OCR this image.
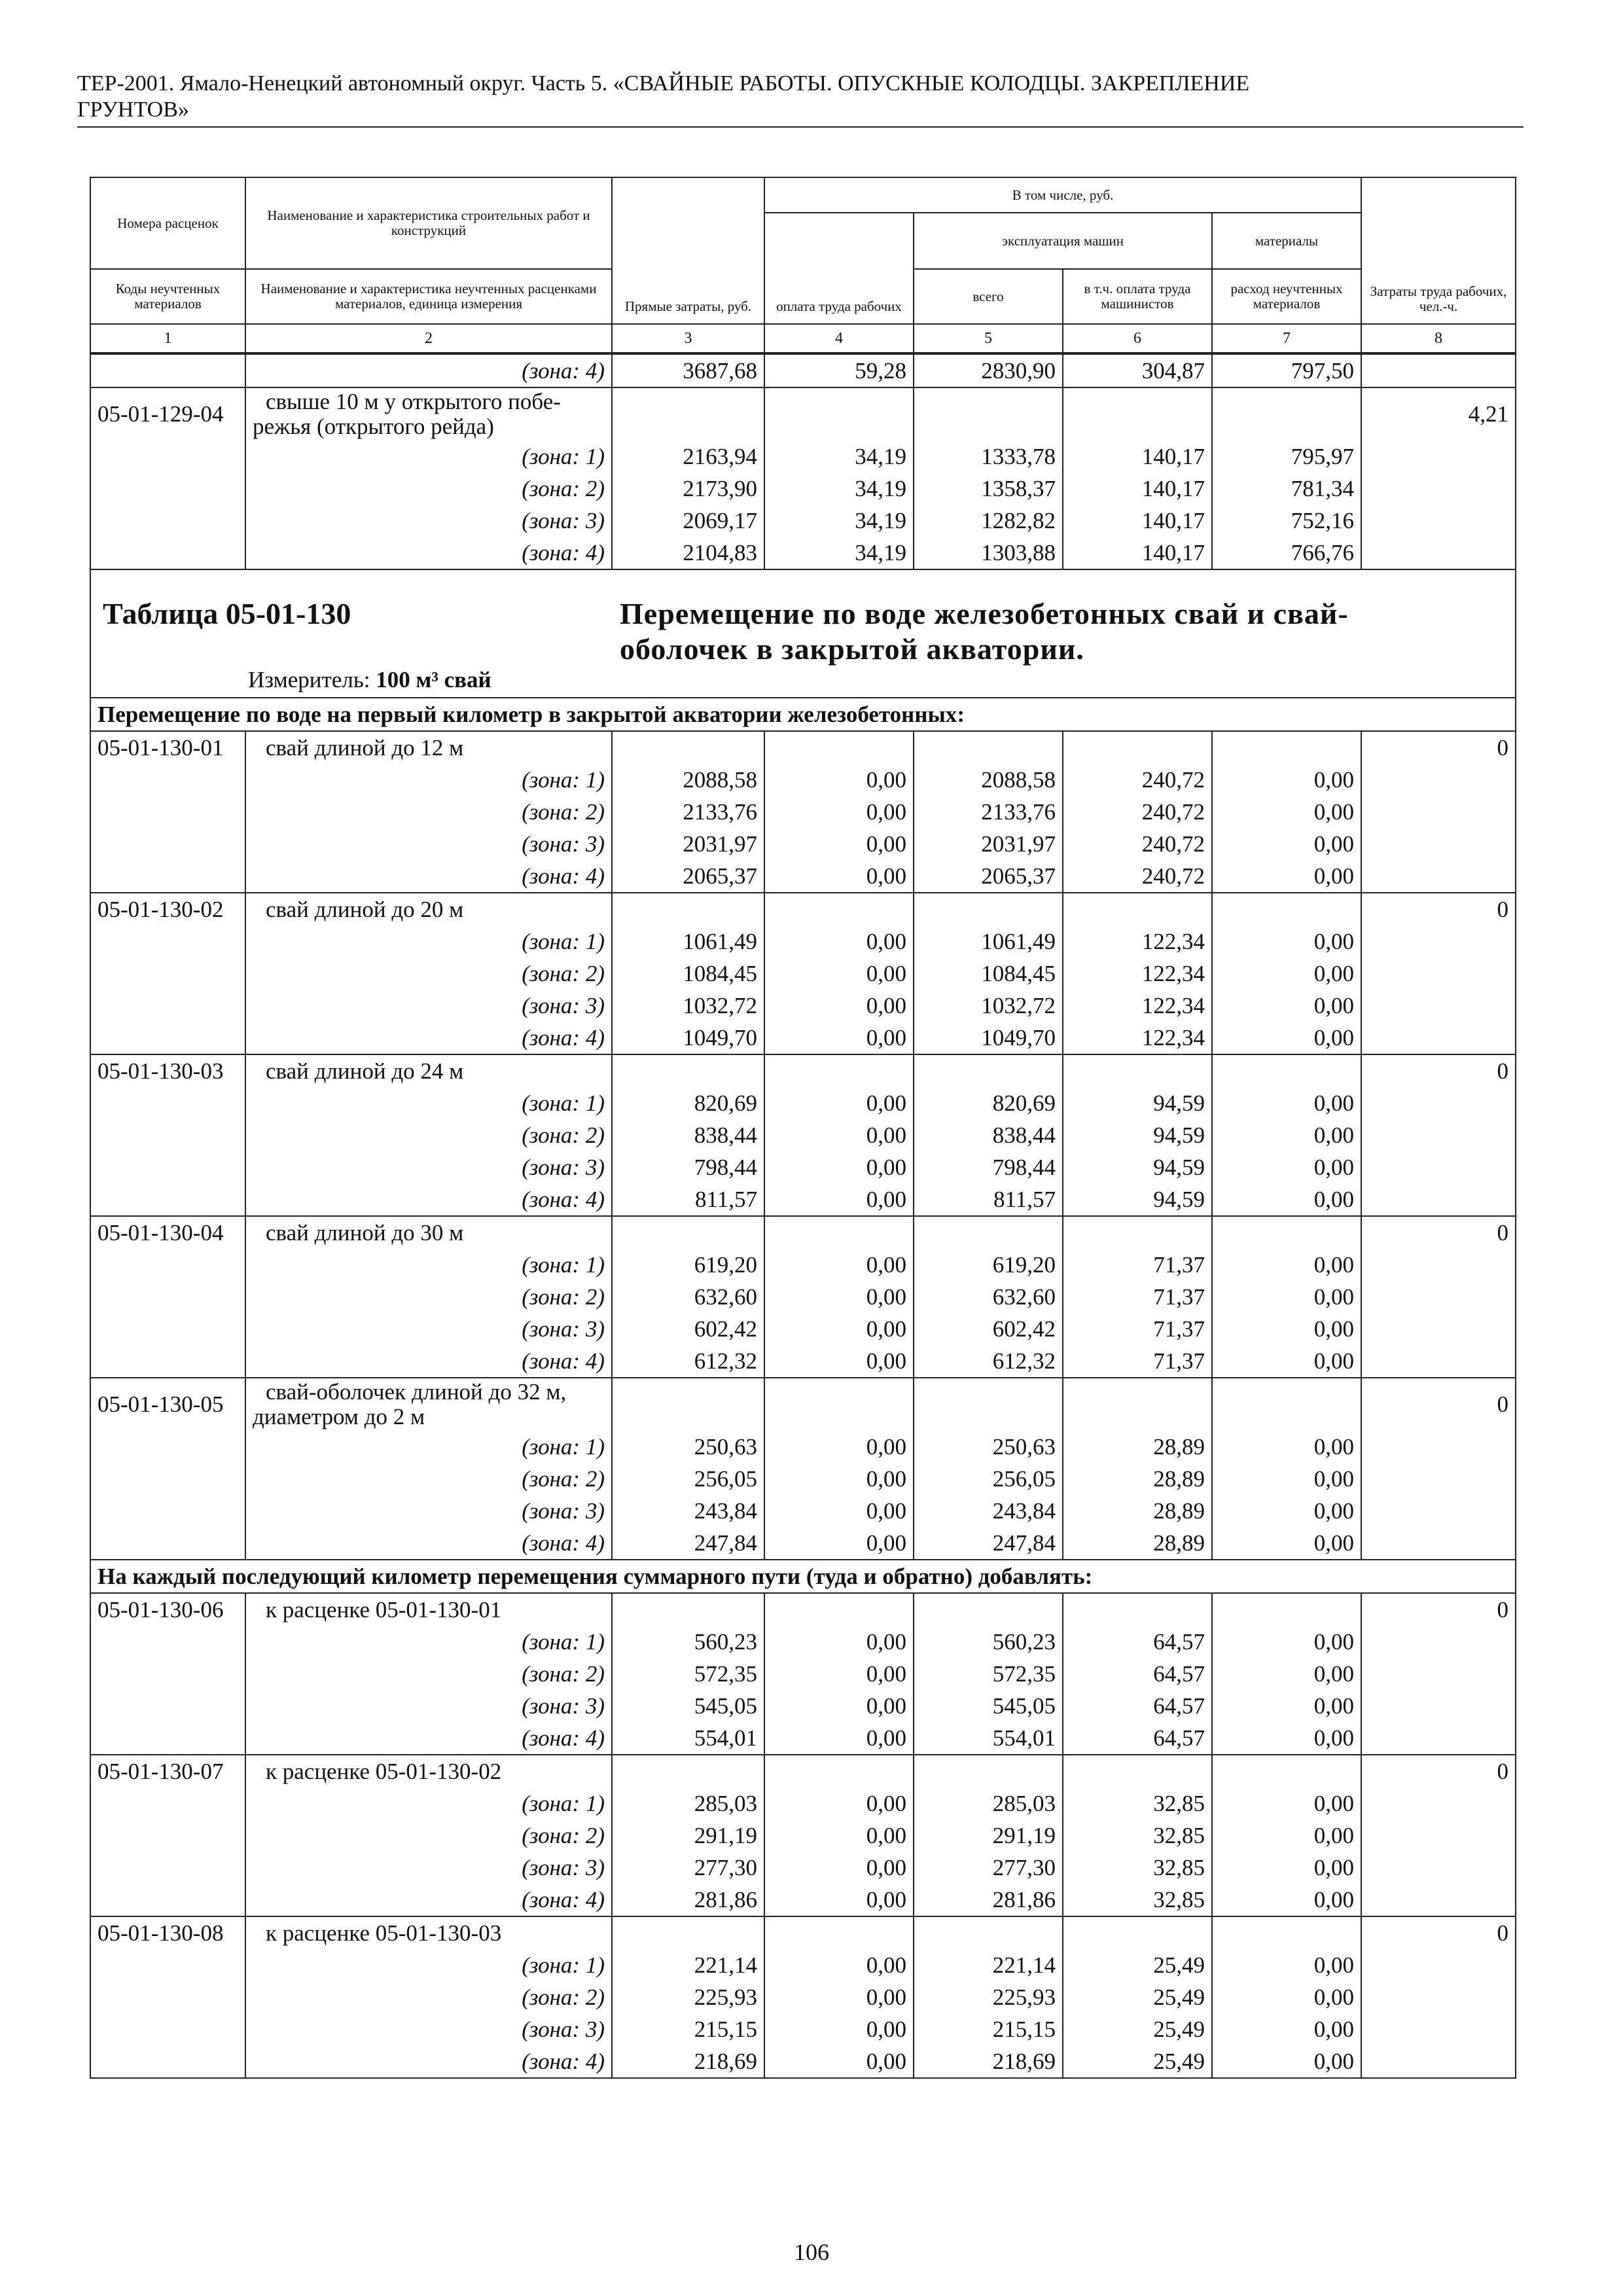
ТЕР-2001. Ямало-Ненецкий автономный округ. Часть 5. «СВАЙНЫЕ РАБОТЫ. ОПУСКНЫЕ КОЛОДЦЫ. ЗАКРЕПЛЕНИЕ
ГРУНТОВ»
Номера расценок	Наименование и характеристика строительных работ и конструкций	Прямые затраты, руб.	В том числе, руб.				Затраты труда рабочих, чел.-ч.
			оплата труда рабочих	эксплуатация машин		материалы	
Коды неучтенных материалов	Наименование и характеристика неучтенных расценками материалов, единица измерения			всего	в т.ч. оплата труда машинистов	расход неучтенных материалов	

1	2	3	4	5	6	7	8
	(зона: 4)	3687,68	59,28	2830,90	304,87	797,50	
05-01-129-04	свыше 10 м у открытого побе-
режья (открытого рейда)						4,21
	(зона: 1)	2163,94	34,19	1333,78	140,17	795,97	
	(зона: 2)	2173,90	34,19	1358,37	140,17	781,34	
	(зона: 3)	2069,17	34,19	1282,82	140,17	752,16	
	(зона: 4)	2104,83	34,19	1303,88	140,17	766,76	

Таблица 05-01-130 Перемещение по воде железобетонных свай и свай-оболочек в закрытой акватории.
Измеритель: 100 м³ свай							

Перемещение по воде на первый километр в закрытой акватории железобетонных:							
05-01-130-01	свай длиной до 12 м						0
	(зона: 1)	2088,58	0,00	2088,58	240,72	0,00	
	(зона: 2)	2133,76	0,00	2133,76	240,72	0,00	
	(зона: 3)	2031,97	0,00	2031,97	240,72	0,00	
	(зона: 4)	2065,37	0,00	2065,37	240,72	0,00	
05-01-130-02	свай длиной до 20 м						0
	(зона: 1)	1061,49	0,00	1061,49	122,34	0,00	
	(зона: 2)	1084,45	0,00	1084,45	122,34	0,00	
	(зона: 3)	1032,72	0,00	1032,72	122,34	0,00	
	(зона: 4)	1049,70	0,00	1049,70	122,34	0,00	
05-01-130-03	свай длиной до 24 м						0
	(зона: 1)	820,69	0,00	820,69	94,59	0,00	
	(зона: 2)	838,44	0,00	838,44	94,59	0,00	
	(зона: 3)	798,44	0,00	798,44	94,59	0,00	
	(зона: 4)	811,57	0,00	811,57	94,59	0,00	
05-01-130-04	свай длиной до 30 м						0
	(зона: 1)	619,20	0,00	619,20	71,37	0,00	
	(зона: 2)	632,60	0,00	632,60	71,37	0,00	
	(зона: 3)	602,42	0,00	602,42	71,37	0,00	
	(зона: 4)	612,32	0,00	612,32	71,37	0,00	
05-01-130-05	свай-оболочек длиной до 32 м,
диаметром до 2 м						0
	(зона: 1)	250,63	0,00	250,63	28,89	0,00	
	(зона: 2)	256,05	0,00	256,05	28,89	0,00	
	(зона: 3)	243,84	0,00	243,84	28,89	0,00	
	(зона: 4)	247,84	0,00	247,84	28,89	0,00	
На каждый последующий километр перемещения суммарного пути (туда и обратно) добавлять:							
05-01-130-06	к расценке 05-01-130-01						0
	(зона: 1)	560,23	0,00	560,23	64,57	0,00	
	(зона: 2)	572,35	0,00	572,35	64,57	0,00	
	(зона: 3)	545,05	0,00	545,05	64,57	0,00	
	(зона: 4)	554,01	0,00	554,01	64,57	0,00	
05-01-130-07	к расценке 05-01-130-02						0
	(зона: 1)	285,03	0,00	285,03	32,85	0,00	
	(зона: 2)	291,19	0,00	291,19	32,85	0,00	
	(зона: 3)	277,30	0,00	277,30	32,85	0,00	
	(зона: 4)	281,86	0,00	281,86	32,85	0,00	
05-01-130-08	к расценке 05-01-130-03						0
	(зона: 1)	221,14	0,00	221,14	25,49	0,00	
	(зона: 2)	225,93	0,00	225,93	25,49	0,00	
	(зона: 3)	215,15	0,00	215,15	25,49	0,00	
	(зона: 4)	218,69	0,00	218,69	25,49	0,00	
106
